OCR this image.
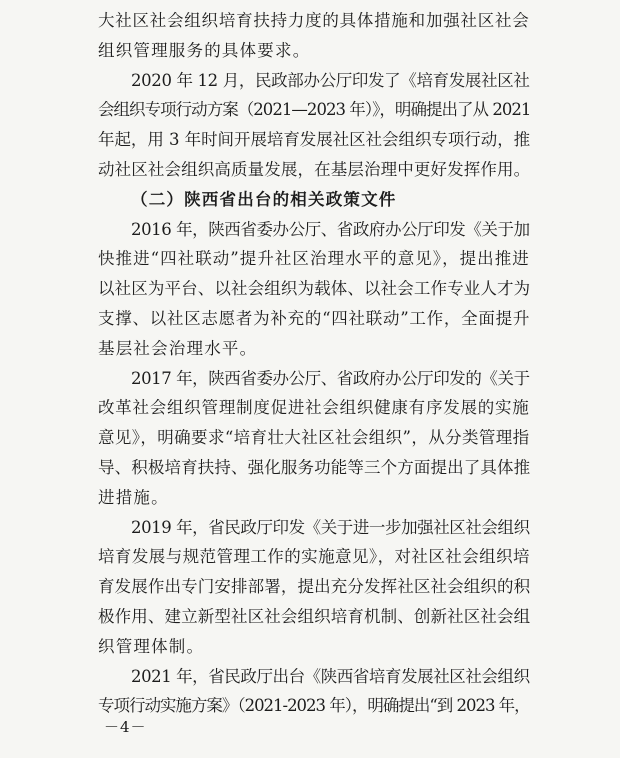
大社区社会组织培育扶持力度的具体措施和加强社区社会
组织管理服务的具体要求。
2020 年 12 月，民政部办公厅印发了《培育发展社区社
会组织专项行动方案（2021—2023 年）》，明确提出了从 2021
年起，用 3 年时间开展培育发展社区社会组织专项行动，推
动社区社会组织高质量发展，在基层治理中更好发挥作用。
（二）陕西省出台的相关政策文件
2016 年，陕西省委办公厅、省政府办公厅印发《关于加
快推进“四社联动”提升社区治理水平的意见》，提出推进
以社区为平台、以社会组织为载体、以社会工作专业人才为
支撑、以社区志愿者为补充的“四社联动”工作，全面提升
基层社会治理水平。
2017 年，陕西省委办公厅、省政府办公厅印发的《关于
改革社会组织管理制度促进社会组织健康有序发展的实施
意见》，明确要求“培育壮大社区社会组织”，从分类管理指
导、积极培育扶持、强化服务功能等三个方面提出了具体推
进措施。
2019 年，省民政厅印发《关于进一步加强社区社会组织
培育发展与规范管理工作的实施意见》，对社区社会组织培
育发展作出专门安排部署，提出充分发挥社区社会组织的积
极作用、建立新型社区社会组织培育机制、创新社区社会组
织管理体制。
2021 年，省民政厅出台《陕西省培育发展社区社会组织
专项行动实施方案》（2021-2023 年），明确提出“到 2023 年，
－4－
